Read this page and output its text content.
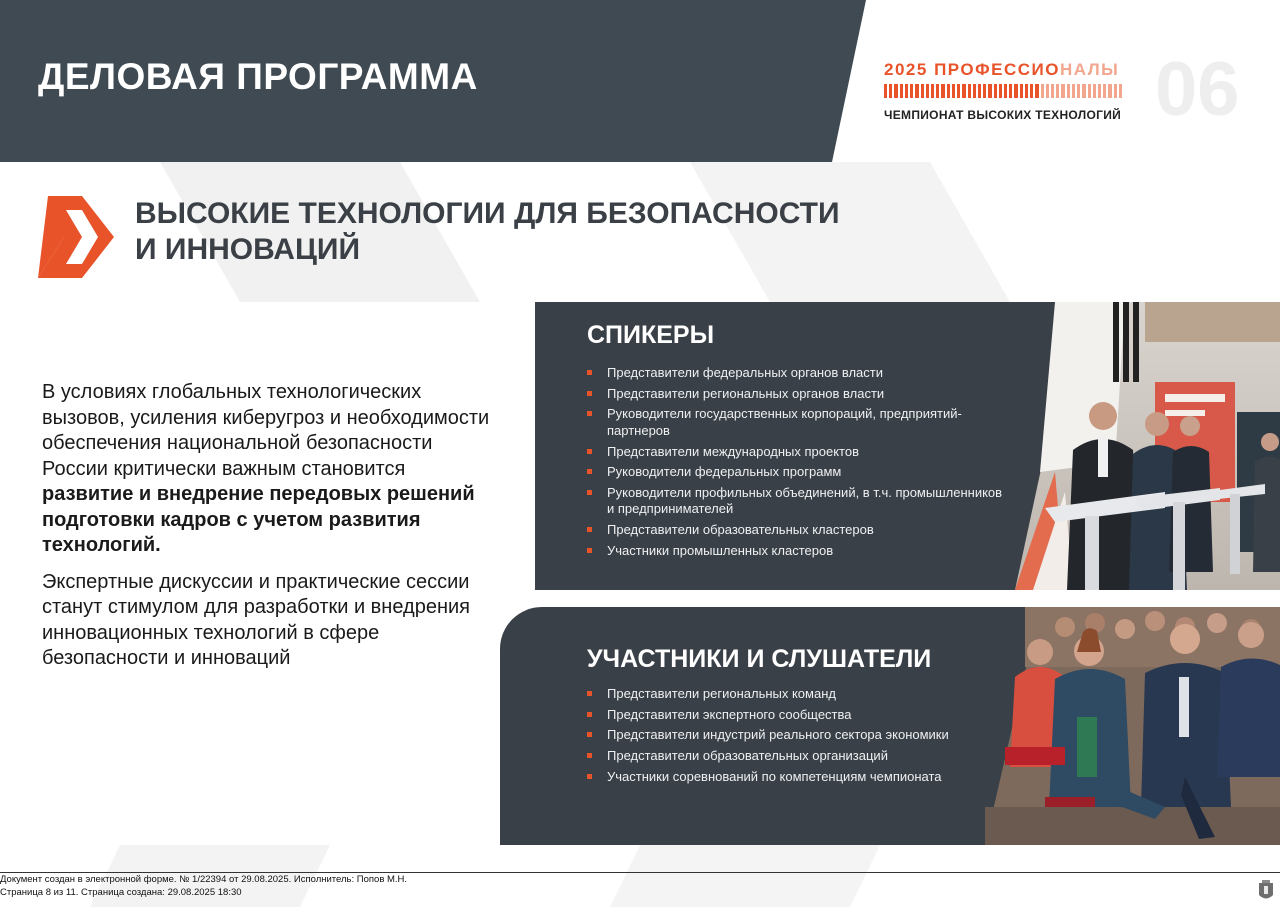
ДЕЛОВАЯ ПРОГРАММА	2025 ПРОФЕССИОНАЛЫ
ЧЕМПИОНАТ ВЫСОКИХ ТЕХНОЛОГИЙ 06
ВЫСОКИЕ ТЕХНОЛОГИИ ДЛЯ БЕЗОПАСНОСТИ
И ИННОВАЦИЙ

В условиях глобальных технологических вызовов, усиления киберугроз и необходимости обеспечения национальной безопасности России критически важным становится развитие и внедрение передовых решений подготовки кадров с учетом развития технологий.

Экспертные дискуссии и практические сессии станут стимулом для разработки и внедрения инновационных технологий в сфере безопасности и инноваций

СПИКЕРЫ
Представители федеральных органов власти
Представители региональных органов власти
Руководители государственных корпораций, предприятий-партнеров
Представители международных проектов
Руководители федеральных программ
Руководители профильных объединений, в т.ч. промышленников и предпринимателей
Представители образовательных кластеров
Участники промышленных кластеров
УЧАСТНИКИ И СЛУШАТЕЛИ
Представители региональных команд
Представители экспертного сообщества
Представители индустрий реального сектора экономики
Представители образовательных организаций
Участники соревнований по компетенциям чемпионата
Документ создан в электронной форме. № 1/22394 от 29.08.2025. Исполнитель: Попов М.Н.
Страница 8 из 11. Страница создана: 29.08.2025 18:30
